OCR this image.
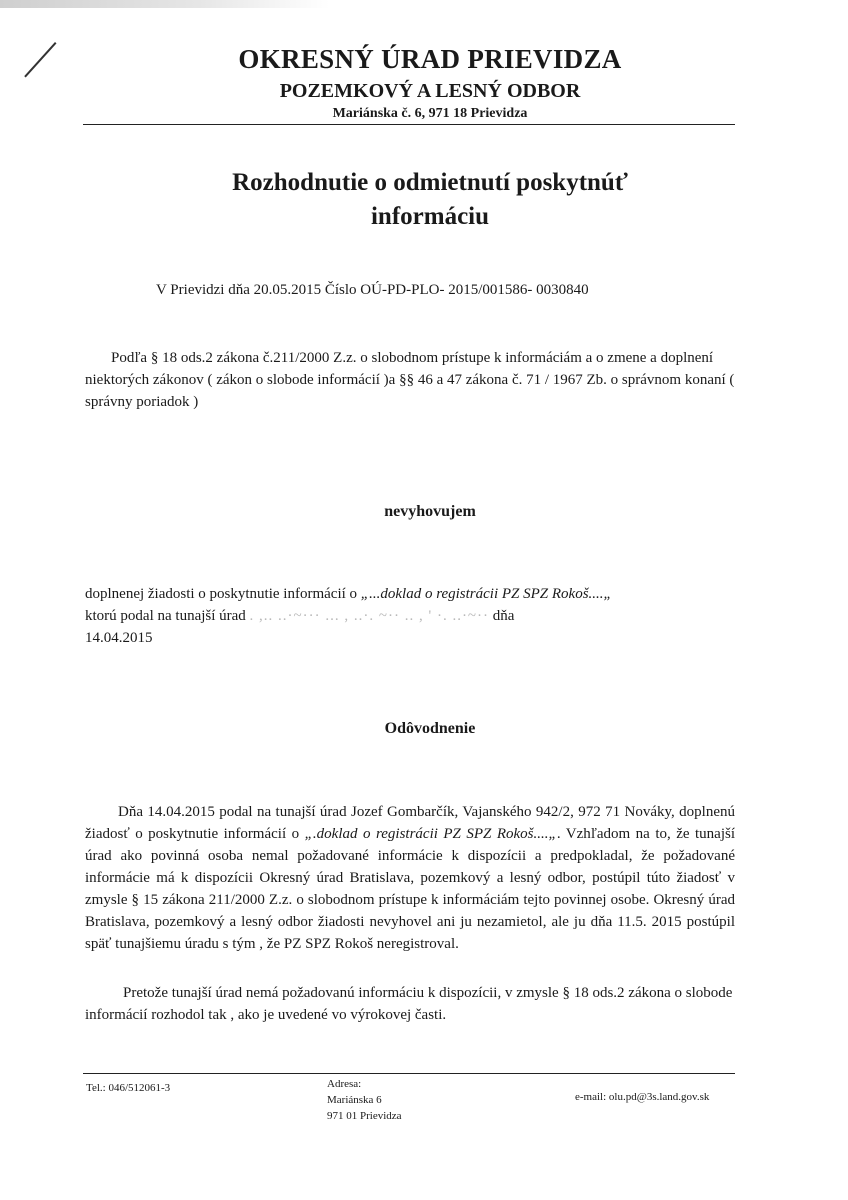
OKRESNÝ ÚRAD PRIEVIDZA
POZEMKOVÝ A LESNÝ ODBOR
Mariánska č. 6, 971 18 Prievidza
Rozhodnutie o odmietnutí poskytnúť
informáciu
V Prievidzi dňa 20.05.2015 Číslo OÚ-PD-PLO- 2015/001586- 0030840
Podľa § 18 ods.2 zákona č.211/2000 Z.z. o slobodnom prístupe k informáciám a o zmene a doplnení niektorých zákonov ( zákon o slobode informácií )a §§ 46 a 47 zákona č. 71 / 1967 Zb. o správnom konaní ( správny poriadok )
nevyhovujem
doplnenej žiadosti o poskytnutie informácií o „...doklad o registrácii PZ SPZ Rokoš....„
ktorú podal na tunajší úrad . ,.. ..·~··· ... , ..·. ~·· .. , ' ·. ..·~·· dňa
14.04.2015
Odôvodnenie
Dňa 14.04.2015 podal na tunajší úrad Jozef Gombarčík, Vajanského 942/2, 972 71 Nováky, doplnenú žiadosť o poskytnutie informácií o „.doklad o registrácii PZ SPZ Rokoš....„. Vzhľadom na to, že tunajší úrad ako povinná osoba nemal požadované informácie k dispozícii a predpokladal, že požadované informácie má k dispozícii Okresný úrad Bratislava, pozemkový a lesný odbor, postúpil túto žiadosť v zmysle § 15 zákona 211/2000 Z.z. o slobodnom prístupe k informáciám tejto povinnej osobe. Okresný úrad Bratislava, pozemkový a lesný odbor žiadosti nevyhovel ani ju nezamietol, ale ju dňa 11.5. 2015 postúpil späť tunajšiemu úradu s tým , že PZ SPZ Rokoš neregistroval.
Pretože tunajší úrad nemá požadovanú informáciu k dispozícii, v zmysle § 18 ods.2 zákona o slobode informácií rozhodol tak , ako je uvedené vo výrokovej časti.
Tel.: 046/512061-3	Adresa:
Mariánska 6
971 01 Prievidza
e-mail: olu.pd@3s.land.gov.sk
